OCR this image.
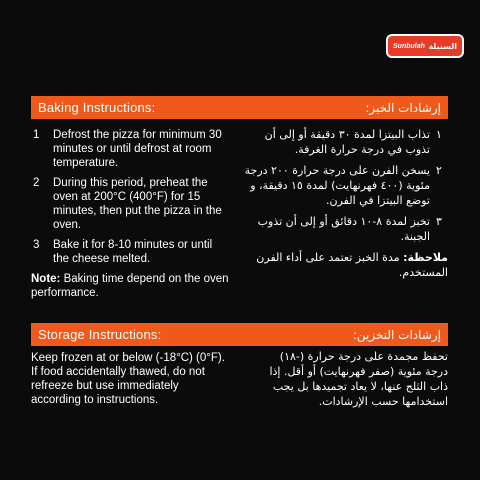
Sunbulah السنبلة
Baking Instructions:	إرشادات الخبز:
1	Defrost the pizza for minimum 30 minutes or until defrost at room temperature.
2	During this period, preheat the oven at 200°C (400°F) for 15 minutes, then put the pizza in the oven.
3	Bake it for 8-10 minutes or until the cheese melted.
Note: Baking time depend on the oven performance.
١
تذاب البيتزا لمدة ٣٠ دقيقة أو إلى أن تذوب في درجة حرارة الغرفة.
٢
يسخن الفرن على درجة حرارة ٢٠٠ درجة مئوية (٤٠٠ فهرنهايت) لمدة ١٥ دقيقة، و توضع البيتزا في الفرن.
٣
تخبز لمدة ٨-١٠ دقائق أو إلى أن تذوب الجبنة.
ملاحظة: مدة الخبز تعتمد على أداء الفرن المستخدم.
Storage Instructions:	إرشادات التخزين:
Keep frozen at or below (-18°C) (0°F). If food accidentally thawed, do not refreeze but use immediately according to instructions.
تحفظ مجمدة على درجة حرارة (-١٨) درجة مئوية (صفر فهرنهايت) أو أقل. إذا ذاب الثلج عنها، لا يعاد تجميدها بل يجب استخدامها حسب الإرشادات.
